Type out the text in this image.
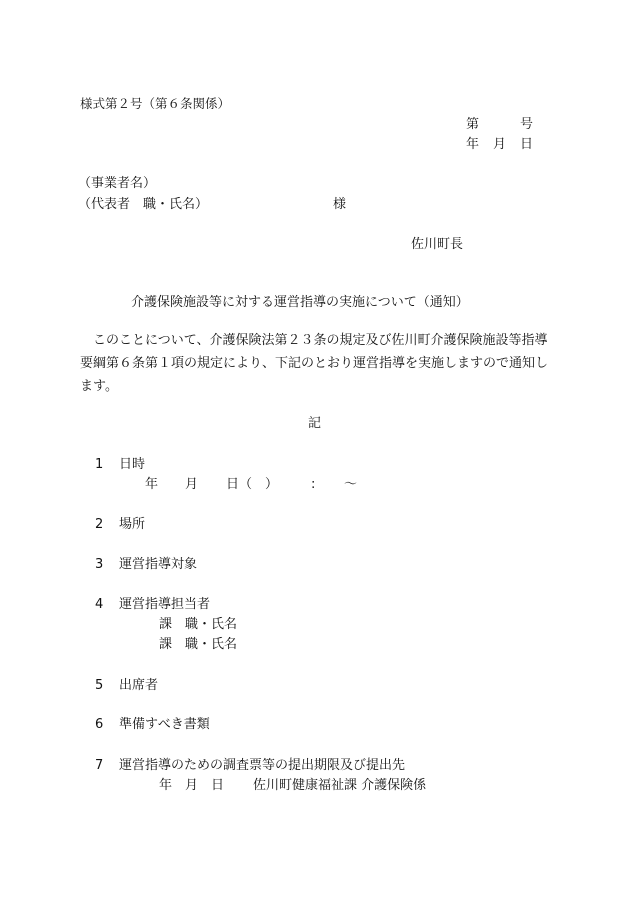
様式第２号（第６条関係）
第	号
年 月 日
（事業者名）
（代表者　職・氏名）	様
佐川町長
介護保険施設等に対する運営指導の実施について（通知）
このことについて、介護保険法第２３条の規定及び佐川町介護保険施設等指導要綱第６条第１項の規定により、下記のとおり運営指導を実施しますので通知します。
記
1 日時
年 月 日（　）	: ～
2 場所
3 運営指導対象
4 運営指導担当者
課 職・氏名
課 職・氏名
5 出席者
6 準備すべき書類
7 運営指導のための調査票等の提出期限及び提出先
年 月 日 佐川町健康福祉課 介護保険係
